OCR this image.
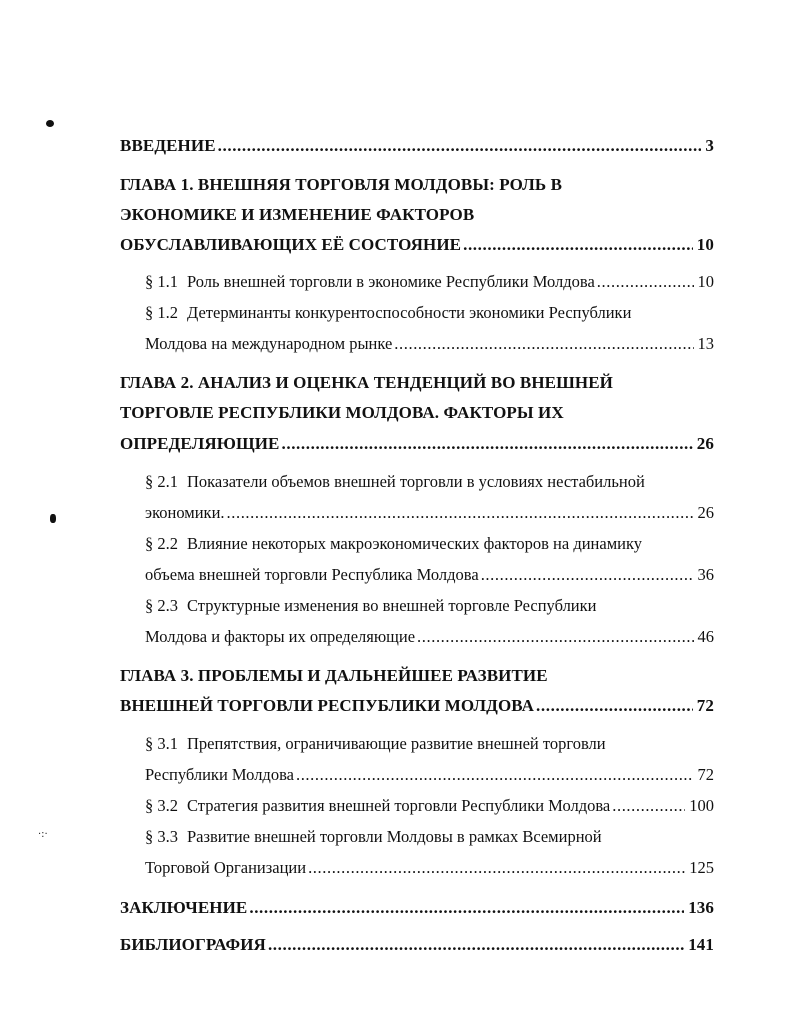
ВВЕДЕНИЕ .....	3
ГЛАВА 1. ВНЕШНЯЯ ТОРГОВЛЯ МОЛДОВЫ: РОЛЬ В
ЭКОНОМИКЕ И ИЗМЕНЕНИЕ ФАКТОРОВ
ОБУСЛАВЛИВАЮЩИХ ЕЁ СОСТОЯНИЕ .....	10
§ 1.1 Роль внешней торговли в экономике Республики Молдова .....	10
§ 1.2 Детерминанты конкурентоспособности экономики Республики
Молдова на международном рынке .....	13
ГЛАВА 2. АНАЛИЗ И ОЦЕНКА ТЕНДЕНЦИЙ ВО ВНЕШНЕЙ
ТОРГОВЛЕ РЕСПУБЛИКИ МОЛДОВА. ФАКТОРЫ ИХ
ОПРЕДЕЛЯЮЩИЕ .....	26
§ 2.1 Показатели объемов внешней торговли в условиях нестабильной
экономики. .....	26
§ 2.2 Влияние некоторых макроэкономических факторов на динамику
объема внешней торговли Республика Молдова .....	36
§ 2.3 Структурные изменения во внешней торговле Республики
Молдова и факторы их определяющие .....	46
ГЛАВА 3. ПРОБЛЕМЫ И ДАЛЬНЕЙШЕЕ РАЗВИТИЕ
ВНЕШНЕЙ ТОРГОВЛИ РЕСПУБЛИКИ МОЛДОВА .....	72
§ 3.1 Препятствия, ограничивающие развитие внешней торговли
Республики Молдова .....	72
§ 3.2 Стратегия развития внешней торговли Республики Молдова .....	100
§ 3.3 Развитие внешней торговли Молдовы в рамках Всемирной
Торговой Организации .....	125
ЗАКЛЮЧЕНИЕ .....	136
БИБЛИОГРАФИЯ .....	141
·:·
